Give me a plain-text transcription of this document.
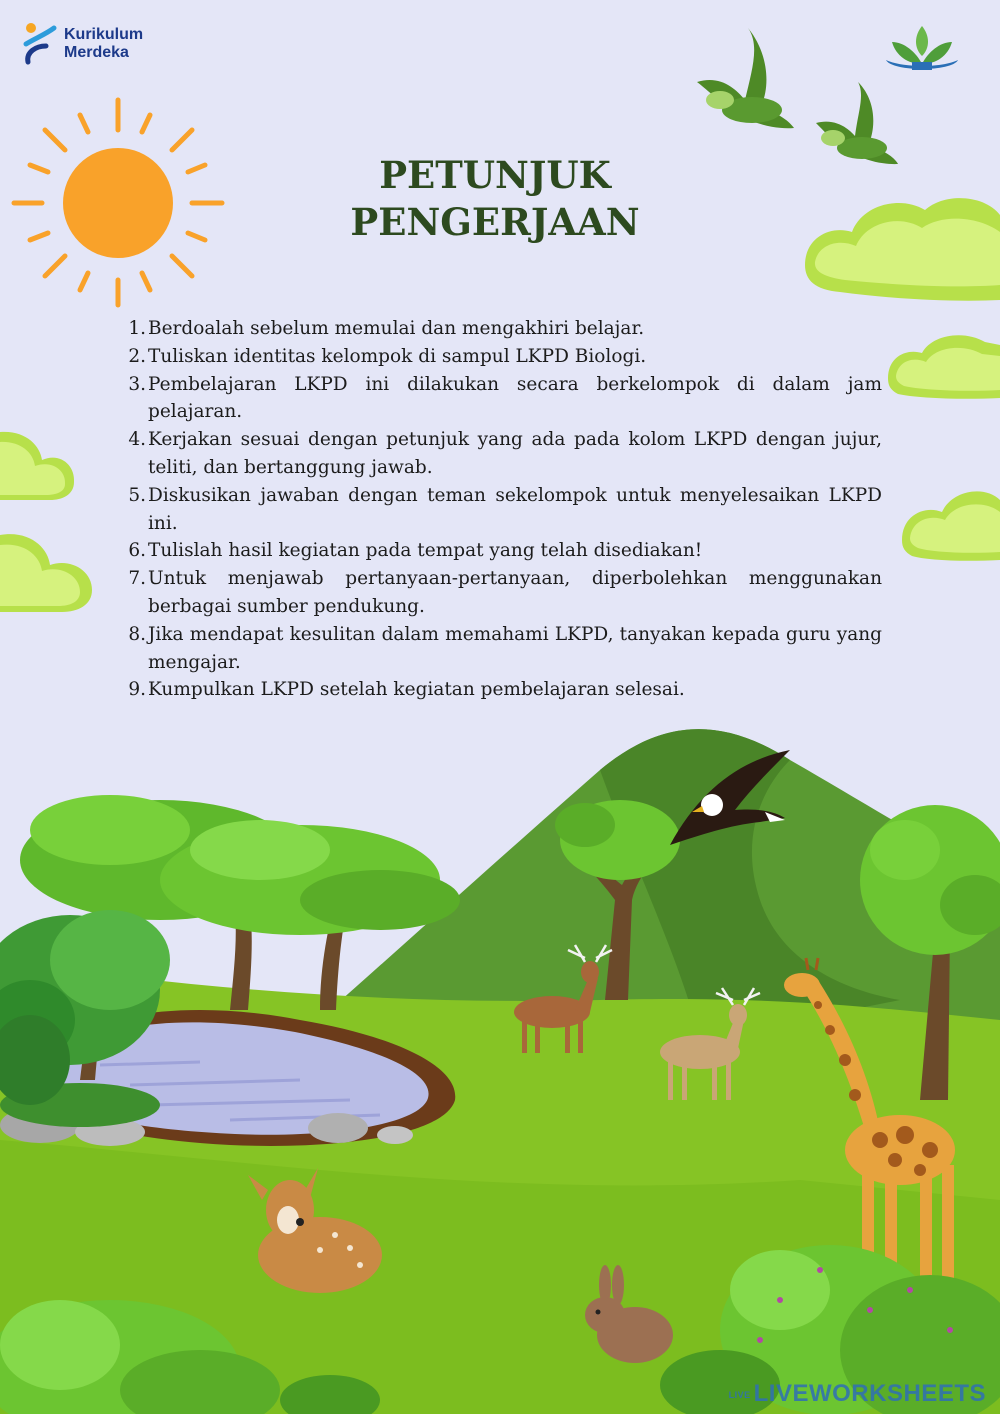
Kurikulum
Merdeka
PETUNJUK
PENGERJAAN
1. Berdoalah sebelum memulai dan mengakhiri belajar.
2. Tuliskan identitas kelompok di sampul LKPD Biologi.
3. Pembelajaran LKPD ini dilakukan secara berkelompok di dalam jam pelajaran.
4. Kerjakan sesuai dengan petunjuk yang ada pada kolom LKPD dengan jujur, teliti, dan bertanggung jawab.
5. Diskusikan jawaban dengan teman sekelompok untuk menyelesaikan LKPD ini.
6. Tulislah hasil kegiatan pada tempat yang telah disediakan!
7. Untuk menjawab pertanyaan-pertanyaan, diperbolehkan menggunakan berbagai sumber pendukung.
8. Jika mendapat kesulitan dalam memahami LKPD, tanyakan kepada guru yang mengajar.
9. Kumpulkan LKPD setelah kegiatan pembelajaran selesai.
LIVE LIVEWORKSHEETS
